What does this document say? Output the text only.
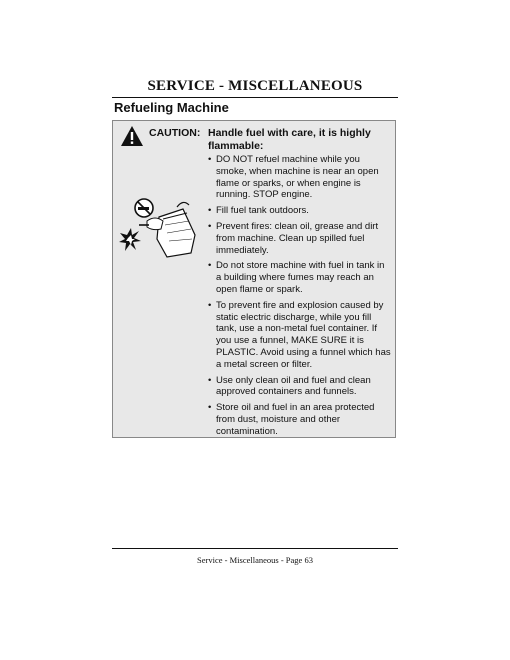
SERVICE - MISCELLANEOUS
Refueling Machine
CAUTION: Handle fuel with care, it is highly flammable:
• DO NOT refuel machine while you smoke, when machine is near an open flame or sparks, or when engine is running. STOP engine.
• Fill fuel tank outdoors.
• Prevent fires: clean oil, grease and dirt from machine. Clean up spilled fuel immediately.
• Do not store machine with fuel in tank in a building where fumes may reach an open flame or spark.
• To prevent fire and explosion caused by static electric discharge, while you fill tank, use a non-metal fuel container. If you use a funnel, MAKE SURE it is PLASTIC. Avoid using a funnel which has a metal screen or filter.
• Use only clean oil and fuel and clean approved containers and funnels.
• Store oil and fuel in an area protected from dust, moisture and other contamination.
Service - Miscellaneous - Page 63
